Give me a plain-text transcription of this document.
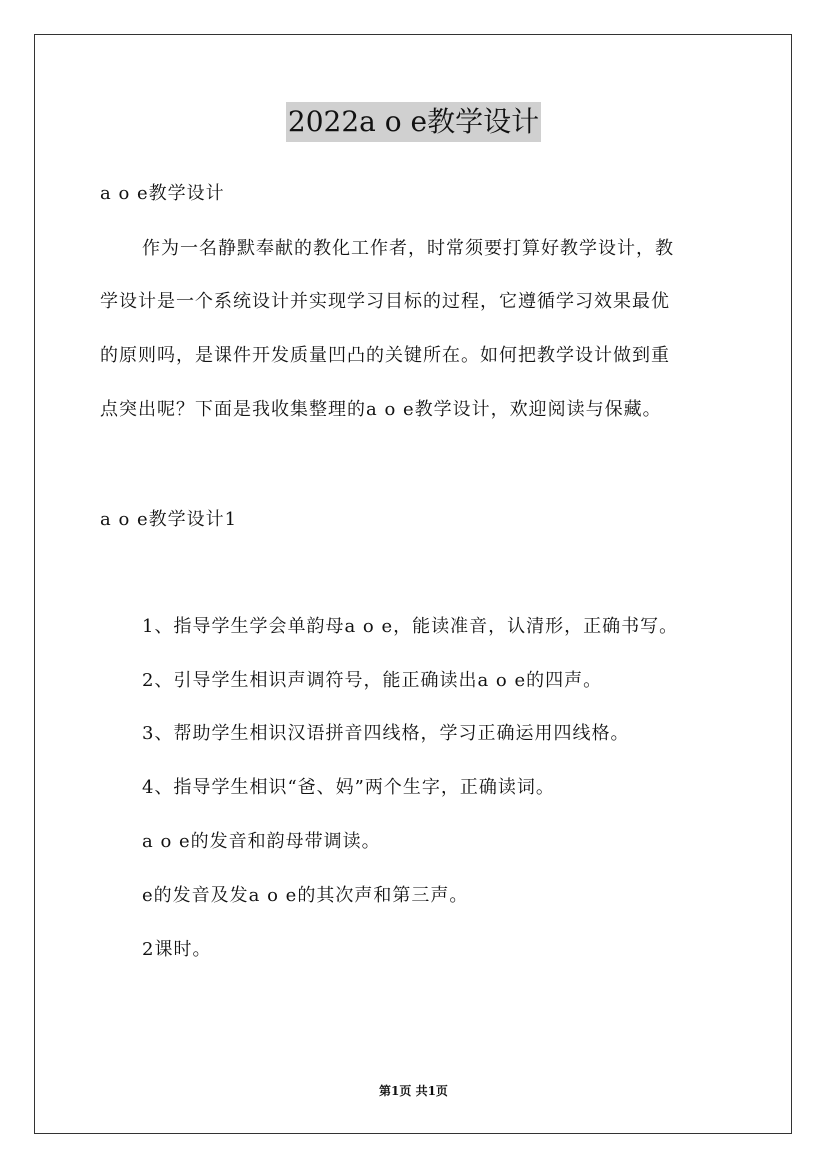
2022a o e教学设计
a o e教学设计
作为一名静默奉献的教化工作者，时常须要打算好教学设计，教
学设计是一个系统设计并实现学习目标的过程，它遵循学习效果最优
的原则吗，是课件开发质量凹凸的关键所在。如何把教学设计做到重
点突出呢？下面是我收集整理的a o e教学设计，欢迎阅读与保藏。
a o e教学设计1
1、指导学生学会单韵母a o e，能读准音，认清形，正确书写。
2、引导学生相识声调符号，能正确读出a o e的四声。
3、帮助学生相识汉语拼音四线格，学习正确运用四线格。
4、指导学生相识“爸、妈”两个生字，正确读词。
a o e的发音和韵母带调读。
e的发音及发a o e的其次声和第三声。
2课时。
第1页 共1页
